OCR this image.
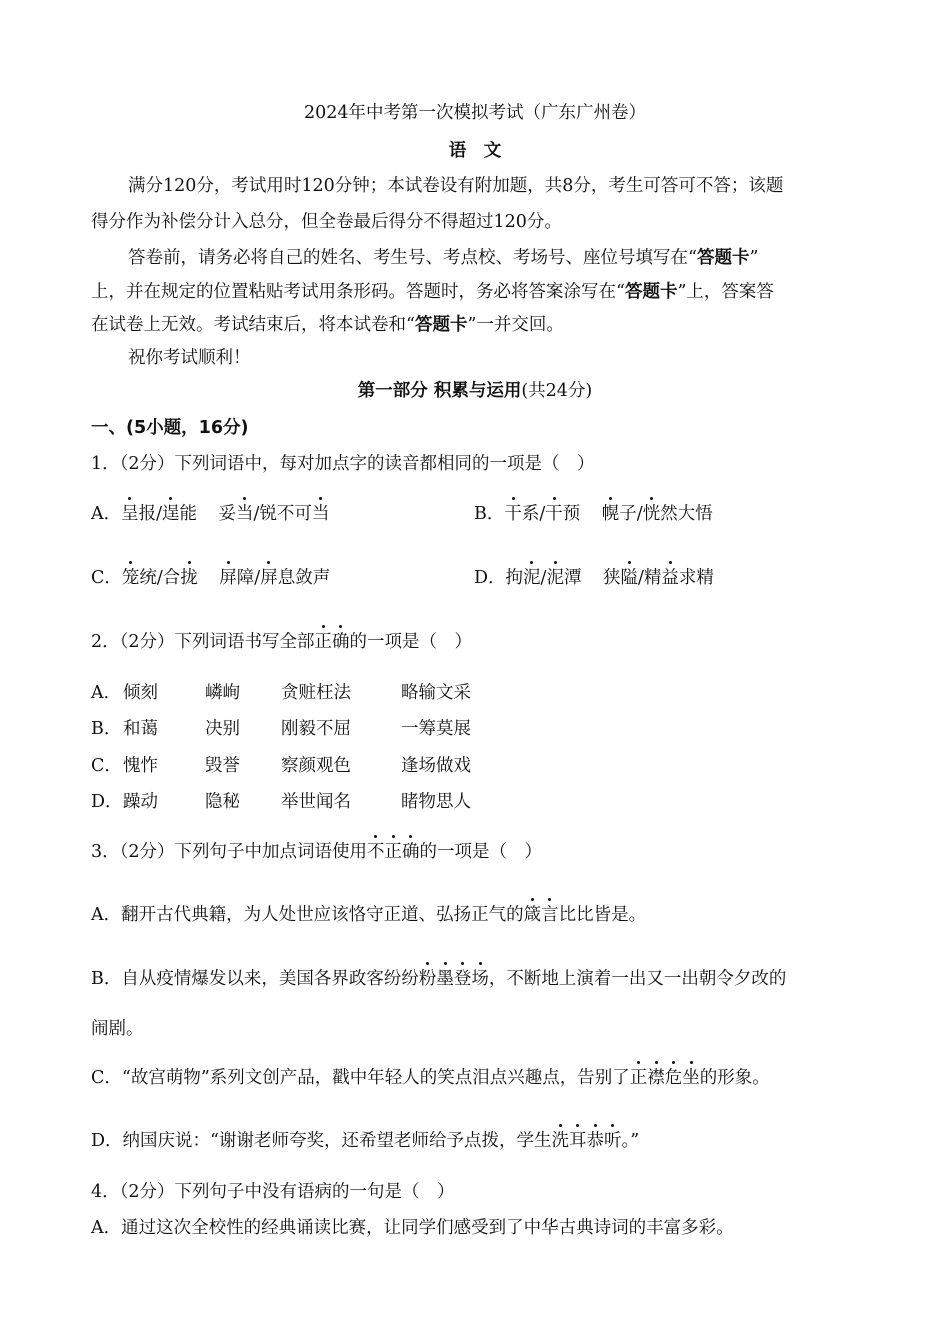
2024年中考第一次模拟考试（广东广州卷）
语　文
满分120分，考试用时120分钟；本试卷设有附加题，共8分，考生可答可不答；该题
得分作为补偿分计入总分，但全卷最后得分不得超过120分。
答卷前，请务必将自己的姓名、考生号、考点校、考场号、座位号填写在“答题卡”
上，并在规定的位置粘贴考试用条形码。答题时，务必将答案涂写在“答题卡”上，答案答
在试卷上无效。考试结束后，将本试卷和“答题卡”一并交回。
祝你考试顺利！
第一部分 积累与运用(共24分)
一、(5小题，16分)
1．（2分）下列词语中，每对加点字的读音都相同的一项是（　）
A．呈报/逞能　妥当/锐不可当	B．干系/干预　幌子/恍然大悟
C．笼统/合拢　 屏障/屏息敛声	D．拘泥/泥潭　狭隘/精益求精
2．（2分）下列词语书写全部正确的一项是（　）
A． 倾刻	嶙峋 贪赃枉法	略输文采
B．和蔼	决别 刚毅不屈	一筹莫展
C．愧怍	毁誉 察颜观色	逢场做戏
D．躁动	隐秘 举世闻名	睹物思人
3．（2分）下列句子中加点词语使用不正确的一项是（　）
A．翻开古代典籍，为人处世应该恪守正道、弘扬正气的箴言比比皆是。
B．自从疫情爆发以来，美国各界政客纷纷粉墨登场，不断地上演着一出又一出朝令夕改的
闹剧。
C．“故宫萌物”系列文创产品，戳中年轻人的笑点泪点兴趣点，告别了正襟危坐的形象。
D．纳国庆说：“谢谢老师夸奖，还希望老师给予点拨，学生洗耳恭听。”
4．（2分）下列句子中没有语病的一句是（　）
A．通过这次全校性的经典诵读比赛，让同学们感受到了中华古典诗词的丰富多彩。
